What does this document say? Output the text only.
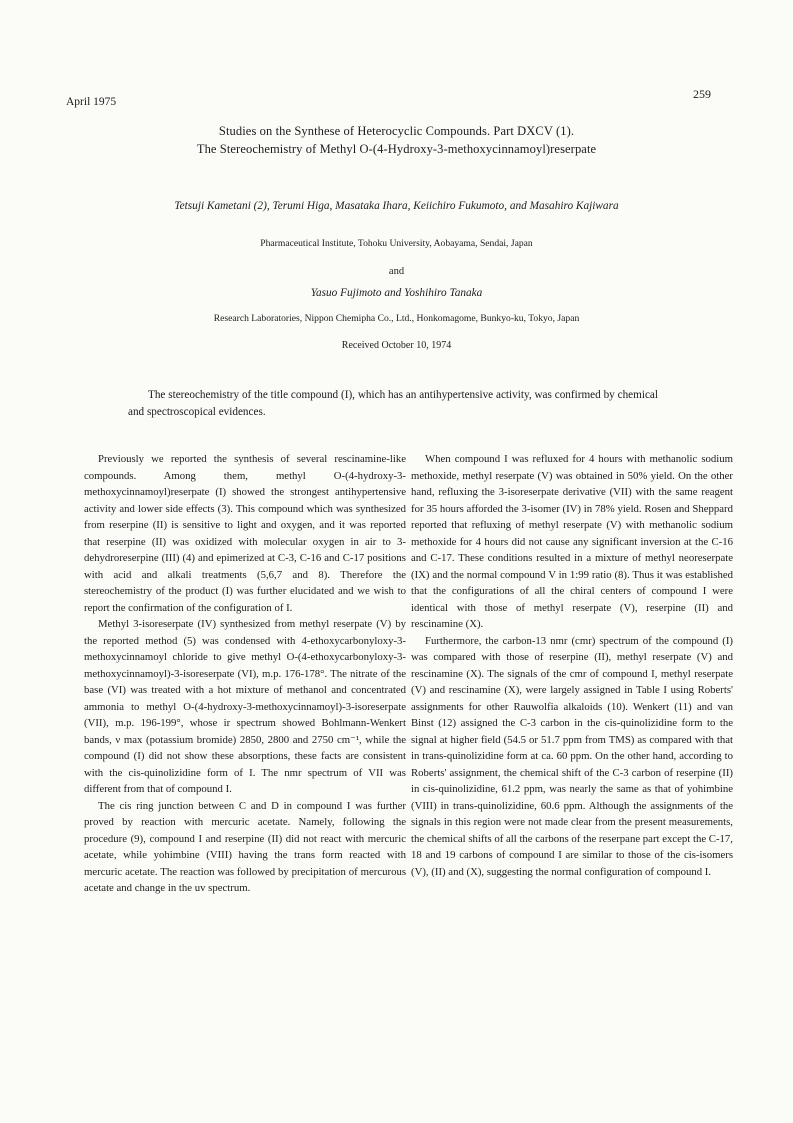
April 1975
259
Studies on the Synthese of Heterocyclic Compounds. Part DXCV (1).
The Stereochemistry of Methyl O-(4-Hydroxy-3-methoxycinnamoyl)reserpate
Tetsuji Kametani (2), Terumi Higa, Masataka Ihara, Keiichiro Fukumoto, and Masahiro Kajiwara
Pharmaceutical Institute, Tohoku University, Aobayama, Sendai, Japan
and
Yasuo Fujimoto and Yoshihiro Tanaka
Research Laboratories, Nippon Chemipha Co., Ltd., Honkomagome, Bunkyo-ku, Tokyo, Japan
Received October 10, 1974
The stereochemistry of the title compound (I), which has an antihypertensive activity, was confirmed by chemical and spectroscopical evidences.

Previously we reported the synthesis of several rescinamine-like compounds. Among them, methyl O-(4-hydroxy-3-methoxycinnamoyl)reserpate (I) showed the strongest antihypertensive activity and lower side effects (3). This compound which was synthesized from reserpine (II) is sensitive to light and oxygen, and it was reported that reserpine (II) was oxidized with molecular oxygen in air to 3-dehydroreserpine (III) (4) and epimerized at C-3, C-16 and C-17 positions with acid and alkali treatments (5,6,7 and 8). Therefore the stereochemistry of the product (I) was further elucidated and we wish to report the confirmation of the configuration of I.

Methyl 3-isoreserpate (IV) synthesized from methyl reserpate (V) by the reported method (5) was condensed with 4-ethoxycarbonyloxy-3-methoxycinnamoyl chloride to give methyl O-(4-ethoxycarbonyloxy-3-methoxycinnamoyl)-3-isoreserpate (VI), m.p. 176-178°. The nitrate of the base (VI) was treated with a hot mixture of methanol and concentrated ammonia to methyl O-(4-hydroxy-3-methoxycinnamoyl)-3-isoreserpate (VII), m.p. 196-199°, whose ir spectrum showed Bohlmann-Wenkert bands, ν max (potassium bromide) 2850, 2800 and 2750 cm⁻¹, while the compound (I) did not show these absorptions, these facts are consistent with the cis-quinolizidine form of I. The nmr spectrum of VII was different from that of compound I.

The cis ring junction between C and D in compound I was further proved by reaction with mercuric acetate. Namely, following the procedure (9), compound I and reserpine (II) did not react with mercuric acetate, while yohimbine (VIII) having the trans form reacted with mercuric acetate. The reaction was followed by precipitation of mercurous acetate and change in the uv spectrum.

When compound I was refluxed for 4 hours with methanolic sodium methoxide, methyl reserpate (V) was obtained in 50% yield. On the other hand, refluxing the 3-isoreserpate derivative (VII) with the same reagent for 35 hours afforded the 3-isomer (IV) in 78% yield. Rosen and Sheppard reported that refluxing of methyl reserpate (V) with methanolic sodium methoxide for 4 hours did not cause any significant inversion at the C-16 and C-17. These conditions resulted in a mixture of methyl neoreserpate (IX) and the normal compound V in 1:99 ratio (8). Thus it was established that the configurations of all the chiral centers of compound I were identical with those of methyl reserpate (V), reserpine (II) and rescinamine (X).

Furthermore, the carbon-13 nmr (cmr) spectrum of the compound (I) was compared with those of reserpine (II), methyl reserpate (V) and rescinamine (X). The signals of the cmr of compound I, methyl reserpate (V) and rescinamine (X), were largely assigned in Table I using Roberts' assignments for other Rauwolfia alkaloids (10). Wenkert (11) and van Binst (12) assigned the C-3 carbon in the cis-quinolizidine form to the signal at higher field (54.5 or 51.7 ppm from TMS) as compared with that in trans-quinolizidine form at ca. 60 ppm. On the other hand, according to Roberts' assignment, the chemical shift of the C-3 carbon of reserpine (II) in cis-quinolizidine, 61.2 ppm, was nearly the same as that of yohimbine (VIII) in trans-quinolizidine, 60.6 ppm. Although the assignments of the signals in this region were not made clear from the present measurements, the chemical shifts of all the carbons of the reserpane part except the C-17, 18 and 19 carbons of compound I are similar to those of the cis-isomers (V), (II) and (X), suggesting the normal configuration of compound I.
